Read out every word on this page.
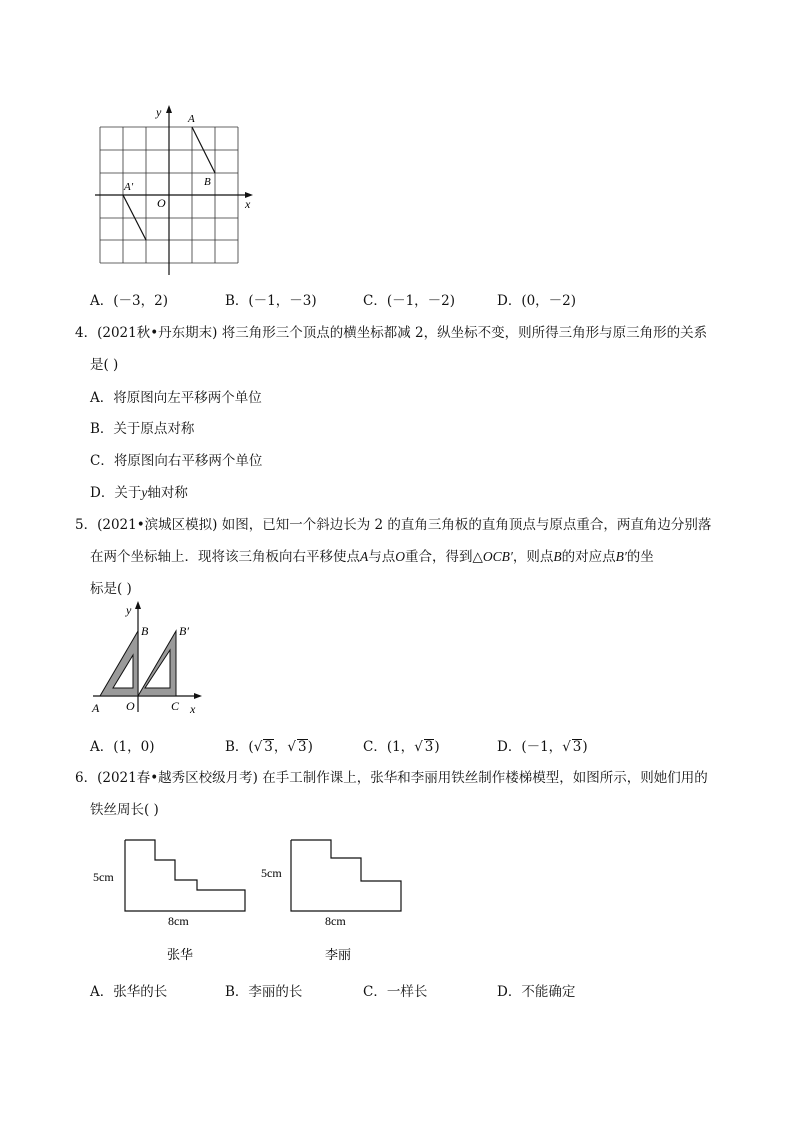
y
x
O
A
B
A′
A．(－3，2)	B．(－1，－3)	C．(－1，－2)	D．(0，－2)
4．(2021秋•丹东期末) 将三角形三个顶点的横坐标都减 2，纵坐标不变，则所得三角形与原三角形的关系
是( )
A．将原图向左平移两个单位
B．关于原点对称
C．将原图向右平移两个单位
D．关于y轴对称
5．(2021•滨城区模拟) 如图，已知一个斜边长为 2 的直角三角板的直角顶点与原点重合，两直角边分别落
在两个坐标轴上．现将该三角板向右平移使点A与点O重合，得到△OCB′，则点B的对应点B′的坐
标是( )
y
x
B	B′
A O	C
A．(1，0)	B．(√ 3，√ 3)	C．(1，√ 3)	D．(－1，√ 3)
6．(2021春•越秀区校级月考) 在手工制作课上，张华和李丽用铁丝制作楼梯模型，如图所示，则她们用的
铁丝周长( )
5cm
8cm
张华
5cm
8cm
李丽
A．张华的长	B．李丽的长	C．一样长	D．不能确定
